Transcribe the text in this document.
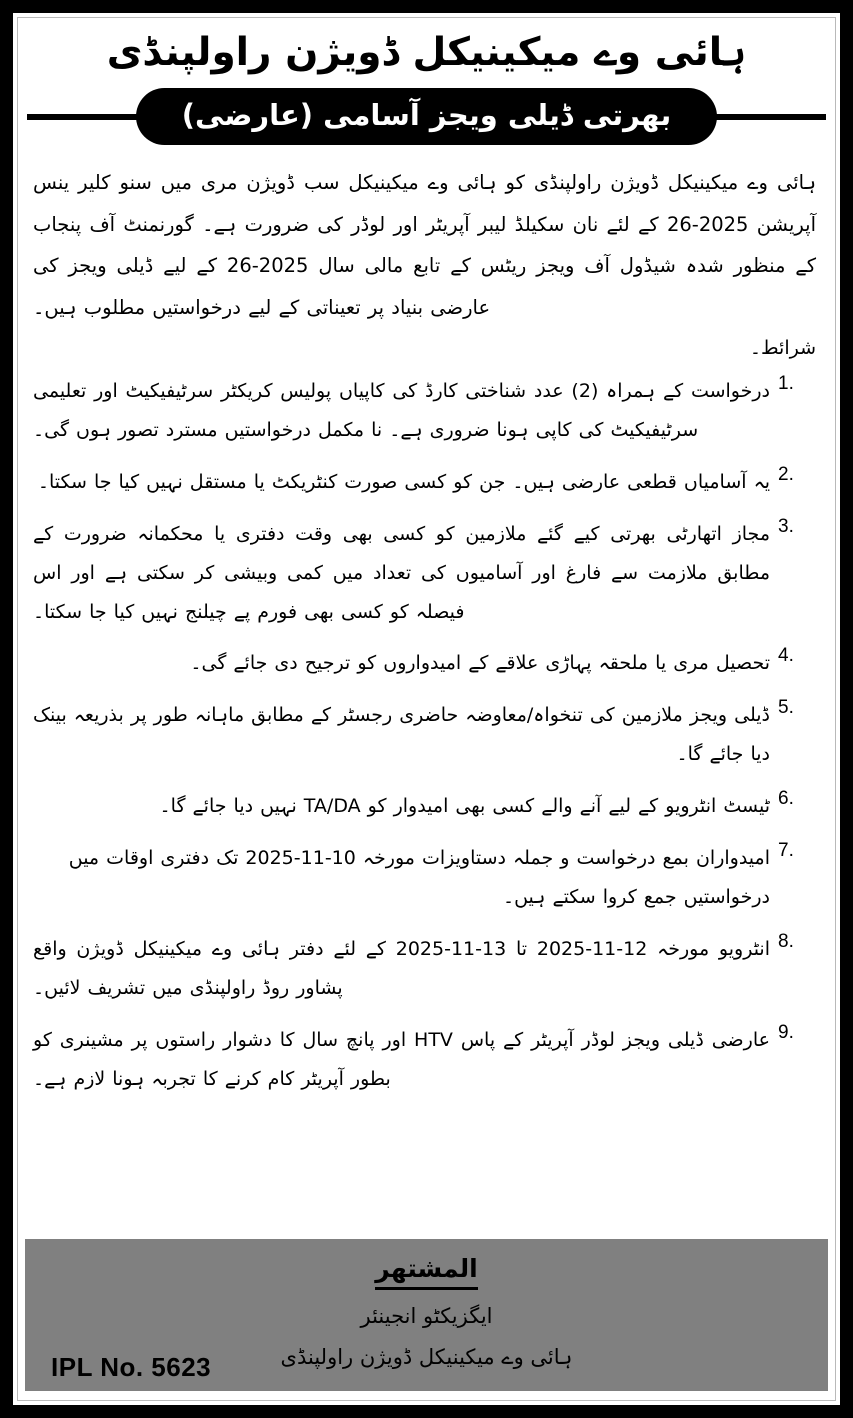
ہائی وے میکینیکل ڈویژن راولپنڈی
بھرتی ڈیلی ویجز آسامی (عارضی)

ہائی وے میکینیکل ڈویژن راولپنڈی کو ہائی وے میکینیکل سب ڈویژن مری میں سنو کلیر ینس آپریشن 2025-26 کے لئے نان سکیلڈ لیبر آپریٹر اور لوڈر کی ضرورت ہے۔ گورنمنٹ آف پنجاب کے منظور شدہ شیڈول آف ویجز ریٹس کے تابع مالی سال 2025-26 کے لیے ڈیلی ویجز کی عارضی بنیاد پر تعیناتی کے لیے درخواستیں مطلوب ہیں۔

شرائط۔
1.
درخواست کے ہمراہ (2) عدد شناختی کارڈ کی کاپیاں پولیس کریکٹر سرٹیفیکیٹ اور تعلیمی سرٹیفیکیٹ کی کاپی ہونا ضروری ہے۔ نا مکمل درخواستیں مسترد تصور ہوں گی۔
2.
یہ آسامیاں قطعی عارضی ہیں۔ جن کو کسی صورت کنٹریکٹ یا مستقل نہیں کیا جا سکتا۔
3.
مجاز اتھارٹی بھرتی کیے گئے ملازمین کو کسی بھی وقت دفتری یا محکمانہ ضرورت کے مطابق ملازمت سے فارغ اور آسامیوں کی تعداد میں کمی وبیشی کر سکتی ہے اور اس فیصلہ کو کسی بھی فورم پے چیلنج نہیں کیا جا سکتا۔
4.
تحصیل مری یا ملحقہ پہاڑی علاقے کے امیدواروں کو ترجیح دی جائے گی۔
5.
ڈیلی ویجز ملازمین کی تنخواہ/معاوضہ حاضری رجسٹر کے مطابق ماہانہ طور پر بذریعہ بینک دیا جائے گا۔
6.
ٹیسٹ انٹرویو کے لیے آنے والے کسی بھی امیدوار کو TA/DA نہیں دیا جائے گا۔
7.
امیدواران بمع درخواست و جملہ دستاویزات مورخہ 10-11-2025 تک دفتری اوقات میں درخواستیں جمع کروا سکتے ہیں۔
8.
انٹرویو مورخہ 12-11-2025 تا 13-11-2025 کے لئے دفتر ہائی وے میکینیکل ڈویژن واقع پشاور روڈ راولپنڈی میں تشریف لائیں۔
9.
عارضی ڈیلی ویجز لوڈر آپریٹر کے پاس HTV اور پانچ سال کا دشوار راستوں پر مشینری کو بطور آپریٹر کام کرنے کا تجربہ ہونا لازم ہے۔
المشتهر
ایگزیکٹو انجینئر
ہائی وے میکینیکل ڈویژن راولپنڈی
IPL No. 5623
